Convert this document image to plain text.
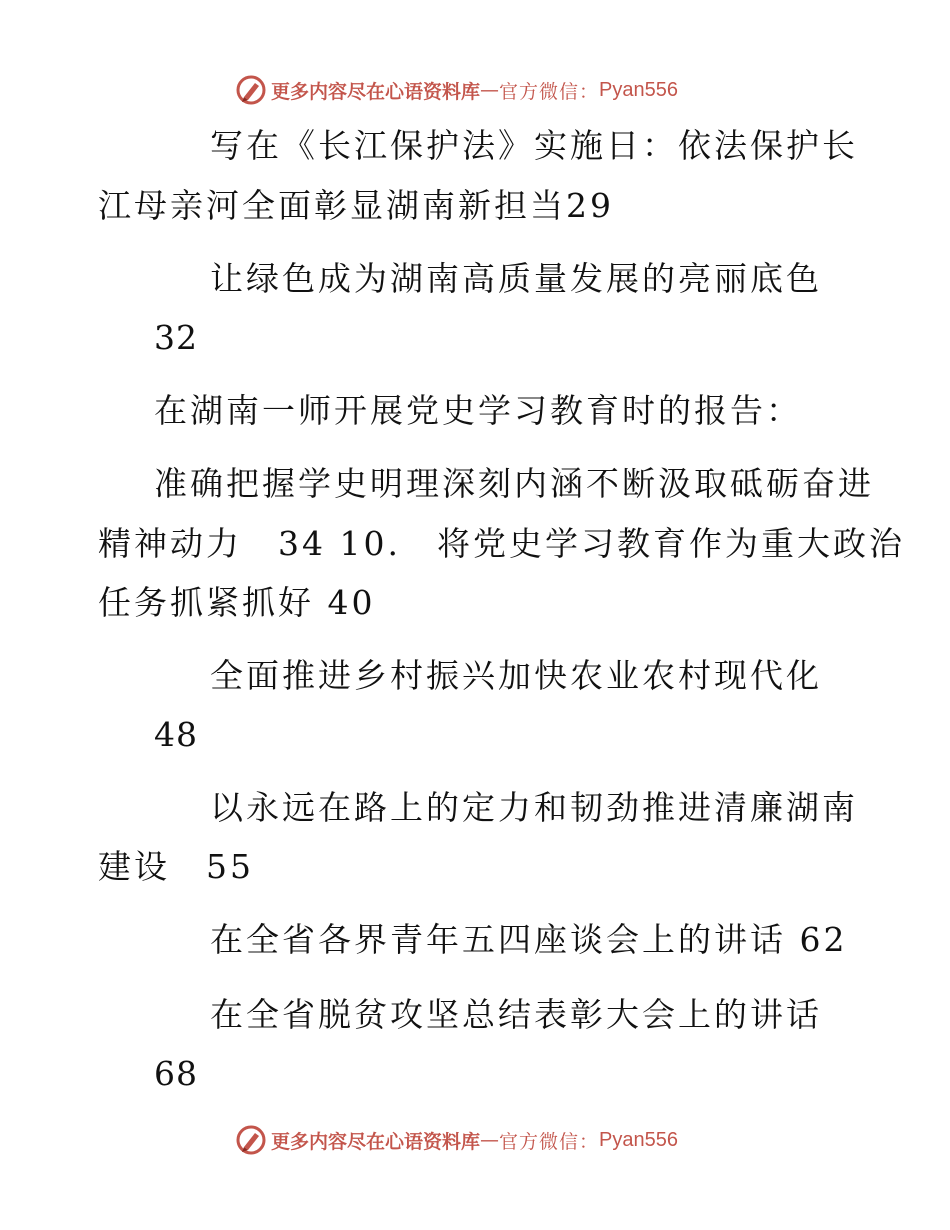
更多内容尽在心语资料库 — 官方微信： Pyan556
写在《长江保护法》实施日：依法保护长
江母亲河全面彰显湖南新担当29
让绿色成为湖南高质量发展的亮丽底色
32
在湖南一师开展党史学习教育时的报告：
准确把握学史明理深刻内涵不断汲取砥砺奋进
精神动力　34 10.　将党史学习教育作为重大政治
任务抓紧抓好 40
全面推进乡村振兴加快农业农村现代化
48
以永远在路上的定力和韧劲推进清廉湖南
建设　55
在全省各界青年五四座谈会上的讲话 62
在全省脱贫攻坚总结表彰大会上的讲话
68
更多内容尽在心语资料库 — 官方微信： Pyan556
